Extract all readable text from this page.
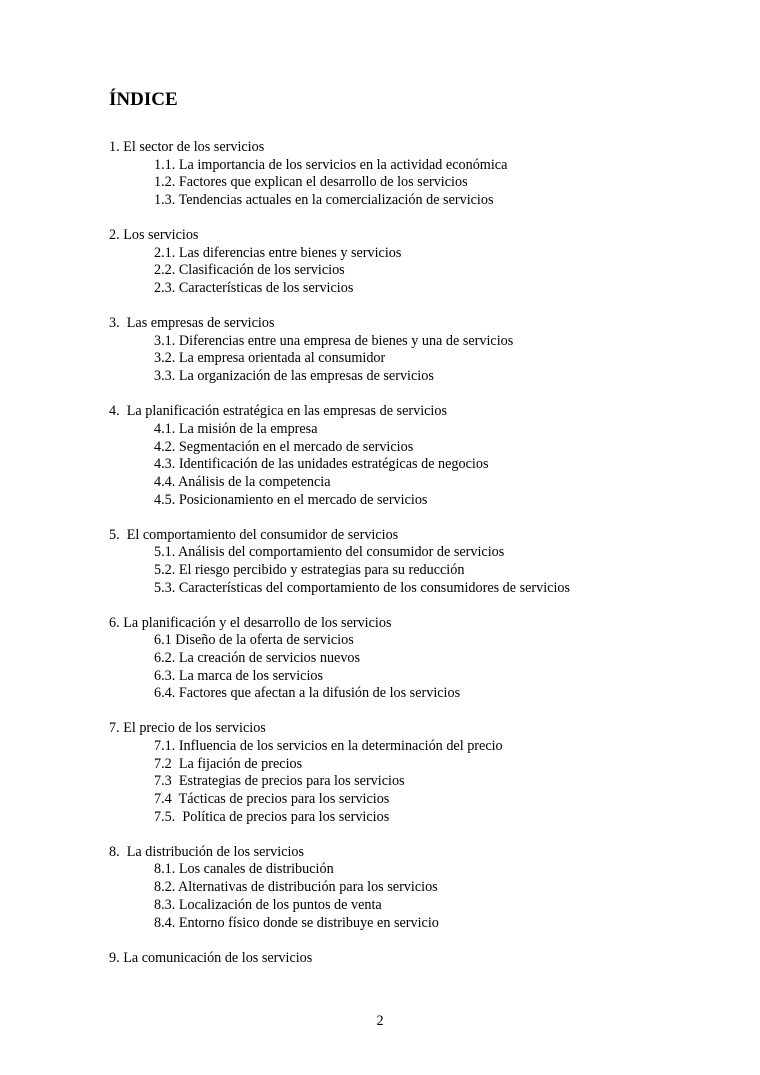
ÍNDICE
1. El sector de los servicios
1.1. La importancia de los servicios en la actividad económica
1.2. Factores que explican el desarrollo de los servicios
1.3. Tendencias actuales en la comercialización de servicios
2. Los servicios
2.1. Las diferencias entre bienes y servicios
2.2. Clasificación de los servicios
2.3. Características de los servicios
3.  Las empresas de servicios
3.1. Diferencias entre una empresa de bienes y una de servicios
3.2. La empresa orientada al consumidor
3.3. La organización de las empresas de servicios
4.  La planificación estratégica en las empresas de servicios
4.1. La misión de la empresa
4.2. Segmentación en el mercado de servicios
4.3. Identificación de las unidades estratégicas de negocios
4.4. Análisis de la competencia
4.5. Posicionamiento en el mercado de servicios
5.  El comportamiento del consumidor de servicios
5.1. Análisis del comportamiento del consumidor de servicios
5.2. El riesgo percibido y estrategias para su reducción
5.3. Características del comportamiento de los consumidores de servicios
6. La planificación y el desarrollo de los servicios
6.1 Diseño de la oferta de servicios
6.2. La creación de servicios nuevos
6.3. La marca de los servicios
6.4. Factores que afectan a la difusión de los servicios
7. El precio de los servicios
7.1. Influencia de los servicios en la determinación del precio
7.2  La fijación de precios
7.3  Estrategias de precios para los servicios
7.4  Tácticas de precios para los servicios
7.5.  Política de precios para los servicios
8.  La distribución de los servicios
8.1. Los canales de distribución
8.2. Alternativas de distribución para los servicios
8.3. Localización de los puntos de venta
8.4. Entorno físico donde se distribuye en servicio
9. La comunicación de los servicios
2
